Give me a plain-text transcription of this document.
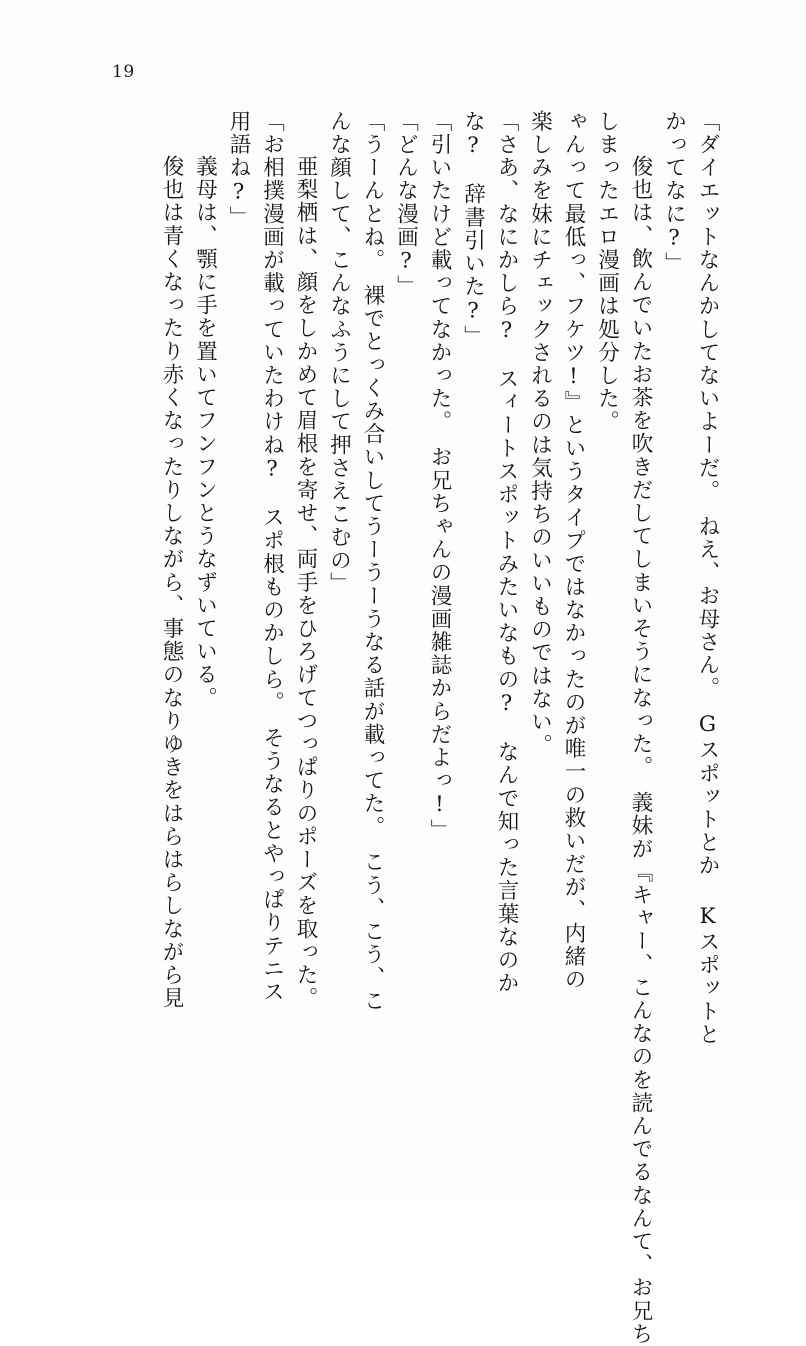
19
「ダイエットなんかしてないよーだ。　ねえ、お母さん。　Gスポットとか Kスポットと
かってなに?」
　俊也は、飲んでいたお茶を吹きだしてしまいそうになった。　義妹が『キャー、こんなのを読んでるなんて、お兄ち
しまったエロ漫画は処分した。
ゃんって最低っ、フケツ!』というタイプではなかったのが唯一の救いだが、内緒の
楽しみを妹にチェックされるのは気持ちのいいものではない。
「さあ、なにかしら?　スィートスポットみたいなもの?　なんで知った言葉なのか
な?　辞書引いた?」
「引いたけど載ってなかった。　お兄ちゃんの漫画雑誌からだよっ!」
「どんな漫画?」
「うーんとね。　裸でとっくみ合いしてうーうーうなる話が載ってた。　こう、こう、こ
んな顔して、こんなふうにして押さえこむの」
　亜梨栖は、顔をしかめて眉根を寄せ、両手をひろげてつっぱりのポーズを取った。
「お相撲漫画が載っていたわけね?　スポ根ものかしら。　そうなるとやっぱりテニス
用語ね?」
　義母は、顎に手を置いてフンフンとうなずいている。
　俊也は青くなったり赤くなったりしながら、事態のなりゆきをはらはらしながら見
